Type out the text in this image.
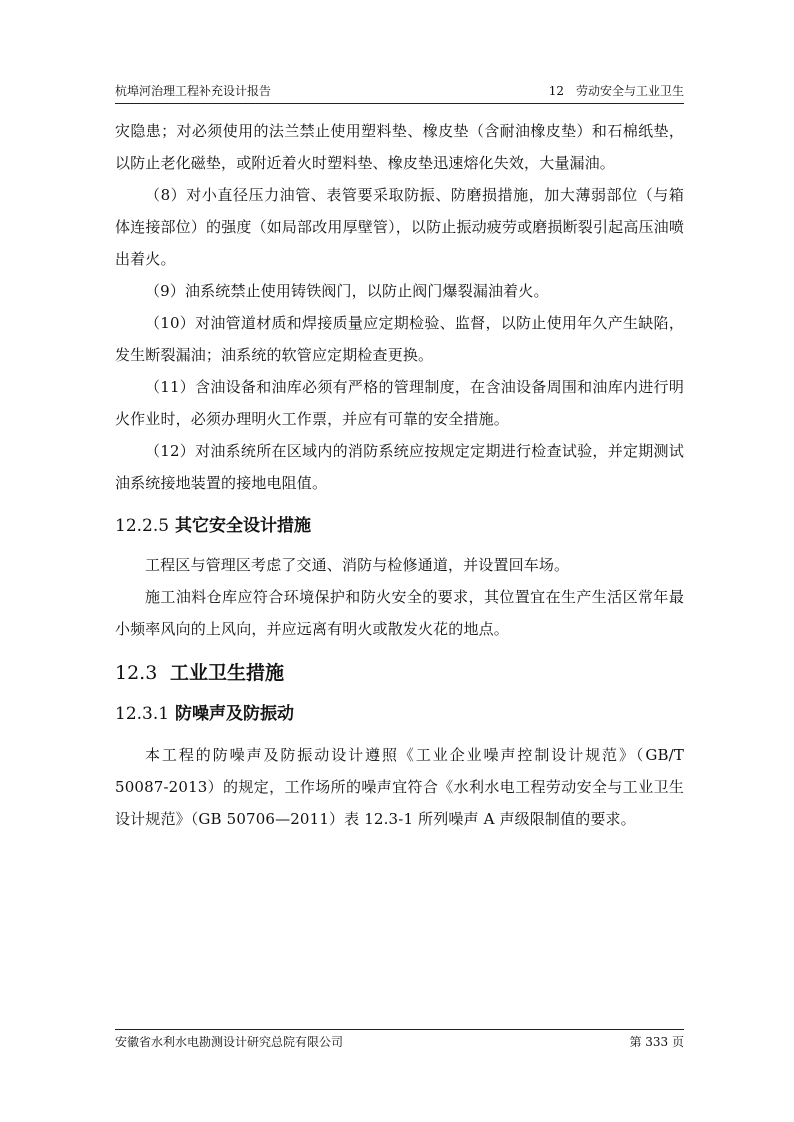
杭埠河治理工程补充设计报告	12　劳动安全与工业卫生

灾隐患；对必须使用的法兰禁止使用塑料垫、橡皮垫（含耐油橡皮垫）和石棉纸垫，以防止老化磁垫，或附近着火时塑料垫、橡皮垫迅速熔化失效，大量漏油。

（8）对小直径压力油管、表管要采取防振、防磨损措施，加大薄弱部位（与箱体连接部位）的强度（如局部改用厚壁管），以防止振动疲劳或磨损断裂引起高压油喷出着火。

（9）油系统禁止使用铸铁阀门，以防止阀门爆裂漏油着火。

（10）对油管道材质和焊接质量应定期检验、监督，以防止使用年久产生缺陷，发生断裂漏油；油系统的软管应定期检查更换。

（11）含油设备和油库必须有严格的管理制度，在含油设备周围和油库内进行明火作业时，必须办理明火工作票，并应有可靠的安全措施。

（12）对油系统所在区域内的消防系统应按规定定期进行检查试验，并定期测试油系统接地装置的接地电阻值。

12.2.5 其它安全设计措施

工程区与管理区考虑了交通、消防与检修通道，并设置回车场。

施工油料仓库应符合环境保护和防火安全的要求，其位置宜在生产生活区常年最小频率风向的上风向，并应远离有明火或散发火花的地点。

12.3 工业卫生措施
12.3.1 防噪声及防振动

本工程的防噪声及防振动设计遵照《工业企业噪声控制设计规范》（GB/T 50087-2013）的规定，工作场所的噪声宜符合《水利水电工程劳动安全与工业卫生设计规范》（GB 50706—2011）表 12.3-1 所列噪声 A 声级限制值的要求。

安徽省水利水电勘测设计研究总院有限公司	第 333 页
